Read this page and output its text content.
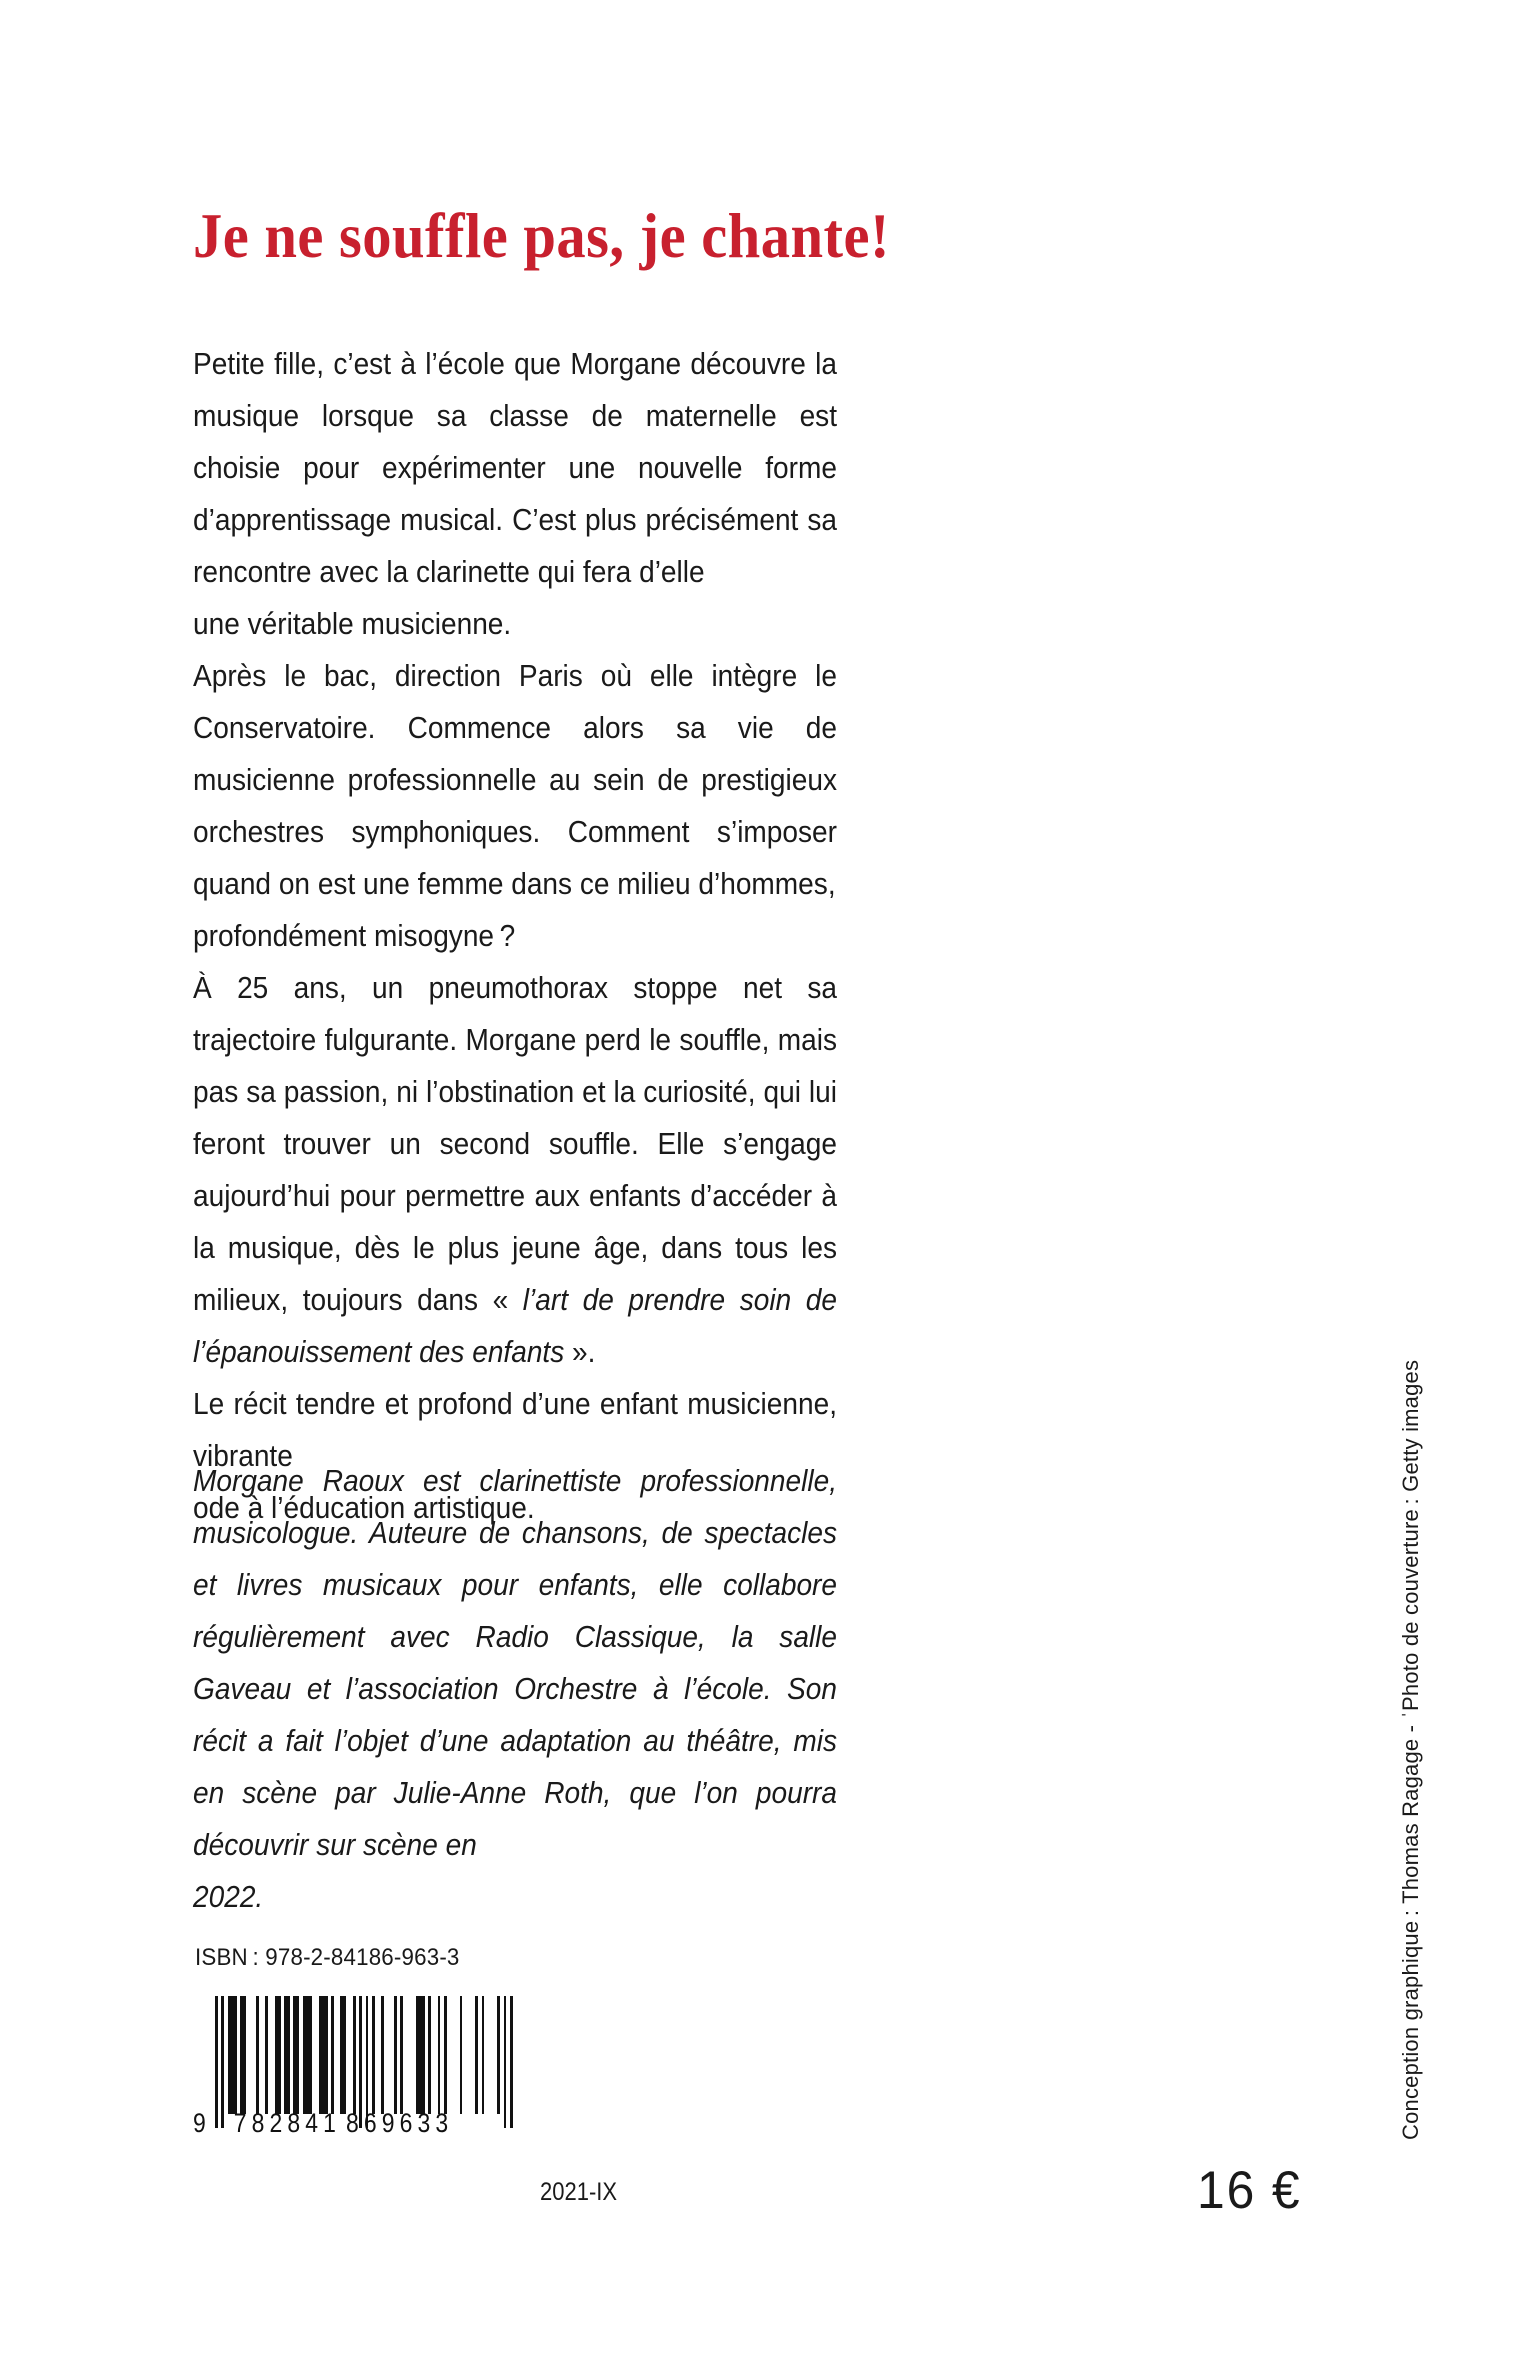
Je ne souffle pas, je chante!

Petite fille, c’est à l’école que Morgane découvre la musique lorsque sa classe de maternelle est choisie pour expérimenter une nouvelle forme d’apprentissage musical. C’est plus précisément sa rencontre avec la clarinette qui fera d’elle

une véritable musicienne.

Après le bac, direction Paris où elle intègre le Conservatoire. Commence alors sa vie de musicienne professionnelle au sein de prestigieux orchestres symphoniques. Comment s’imposer quand on est une femme dans ce milieu d’hommes,

profondément misogyne ?

À 25 ans, un pneumothorax stoppe net sa trajectoire fulgurante. Morgane perd le souffle, mais pas sa passion, ni l’obstination et la curiosité, qui lui feront trouver un second souffle. Elle s’engage aujourd’hui pour permettre aux enfants d’accéder à la musique, dès le plus jeune âge, dans tous les milieux, toujours dans « l’art de prendre soin de l’épanouissement des enfants ».

Le récit tendre et profond d’une enfant musicienne, vibrante

ode à l’éducation artistique.

Morgane Raoux est clarinettiste professionnelle, musicologue. Auteure de chansons, de spectacles et livres musicaux pour enfants, elle collabore régulièrement avec Radio Classique, la salle Gaveau et l’association Orchestre à l’école. Son récit a fait l’objet d’une adaptation au théâtre, mis en scène par Julie-Anne Roth, que l’on pourra découvrir sur scène en

2022.

ISBN : 978-2-84186-963-3
9 782841 869633
2021-IX	16 €
Conception graphique : Thomas Ragage - ˈPhoto de couverture : Getty images
